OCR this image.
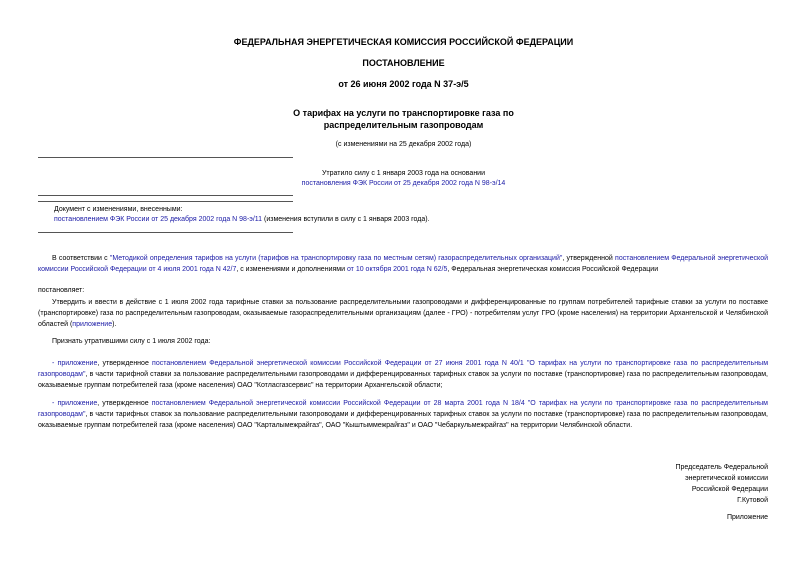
ФЕДЕРАЛЬНАЯ ЭНЕРГЕТИЧЕСКАЯ КОМИССИЯ РОССИЙСКОЙ ФЕДЕРАЦИИ
ПОСТАНОВЛЕНИЕ
от 26 июня 2002 года N 37-э/5
О тарифах на услуги по транспортировке газа по
распределительным газопроводам
(с изменениями на 25 декабря 2002 года)
Утратило силу с 1 января 2003 года на основании
постановления ФЭК России от 25 декабря 2002 года N 98-э/14
Документ с изменениями, внесенными:
постановлением ФЭК России от 25 декабря 2002 года N 98-э/11 (изменения вступили в силу с 1 января 2003 года).
В соответствии с "Методикой определения тарифов на услуги (тарифов на транспортировку газа по местным сетям) газораспределительных организаций", утвержденной постановлением Федеральной энергетической комиссии Российской Федерации от 4 июля 2001 года N 42/7, с изменениями и дополнениями от 10 октября 2001 года N 62/5, Федеральная энергетическая комиссия Российской Федерации
постановляет:
Утвердить и ввести в действие с 1 июля 2002 года тарифные ставки за пользование распределительными газопроводами и дифференцированные по группам потребителей тарифные ставки за услуги по поставке (транспортировке) газа по распределительным газопроводам, оказываемые газораспределительными организациям (далее - ГРО) - потребителям услуг ГРО (кроме населения) на территории Архангельской и Челябинской областей (приложение).
Признать утратившими силу с 1 июля 2002 года:
- приложение, утвержденное постановлением Федеральной энергетической комиссии Российской Федерации от 27 июня 2001 года N 40/1 "О тарифах на услуги по транспортировке газа по распределительным газопроводам", в части тарифной ставки за пользование распределительными газопроводами и дифференцированных тарифных ставок за услуги по поставке (транспортировке) газа по распределительным газопроводам, оказываемые группам потребителей газа (кроме населения) ОАО "Котласгазсервис" на территории Архангельской области;
- приложение, утвержденное постановлением Федеральной энергетической комиссии Российской Федерации от 28 марта 2001 года N 18/4 "О тарифах на услуги по транспортировке газа по распределительным газопроводам", в части тарифных ставок за пользование распределительными газопроводами и дифференцированных тарифных ставок за услуги по поставке (транспортировке) газа по распределительным газопроводам, оказываемые группам потребителей газа (кроме населения) ОАО "Карталымежрайгаз", ОАО "Кыштыммежрайгаз" и ОАО "Чебаркульмежрайгаз" на территории Челябинской области.
Председатель Федеральной
энергетической комиссии
Российской Федерации
Г.Кутовой
Приложение
